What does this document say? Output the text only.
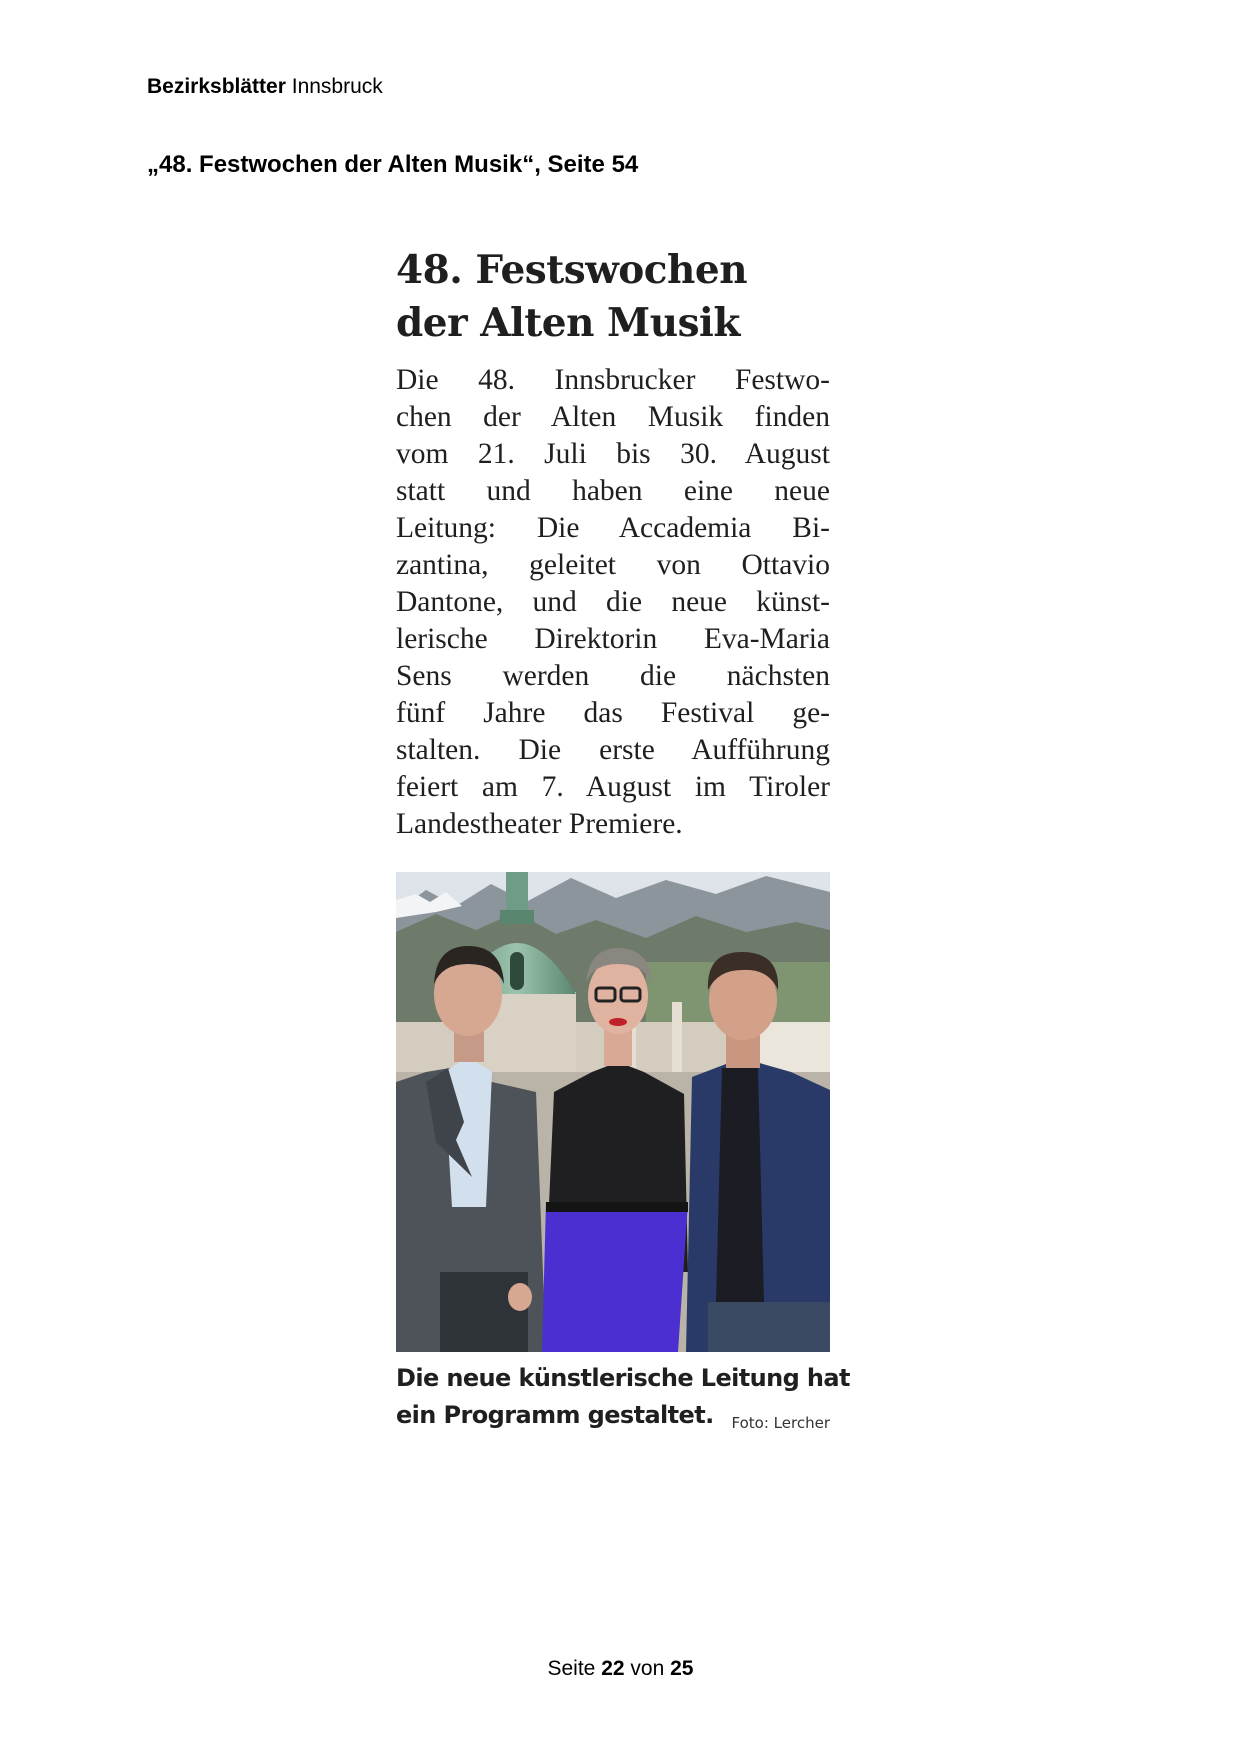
Bezirksblätter Innsbruck
„48. Festwochen der Alten Musik“, Seite 54
48. Festswochen
der Alten Musik
Die 48. Innsbrucker Festwo-
chen der Alten Musik finden
vom 21. Juli bis 30. August
statt und haben eine neue
Leitung: Die Accademia Bi-
zantina, geleitet von Ottavio
Dantone, und die neue künst-
lerische Direktorin Eva-Maria
Sens werden die nächsten
fünf Jahre das Festival ge-
stalten. Die erste Aufführung
feiert am 7. August im Tiroler
Landestheater Premiere.
Die neue künstlerische Leitung hat
ein Programm gestaltet. Foto: Lercher
Seite 22 von 25
